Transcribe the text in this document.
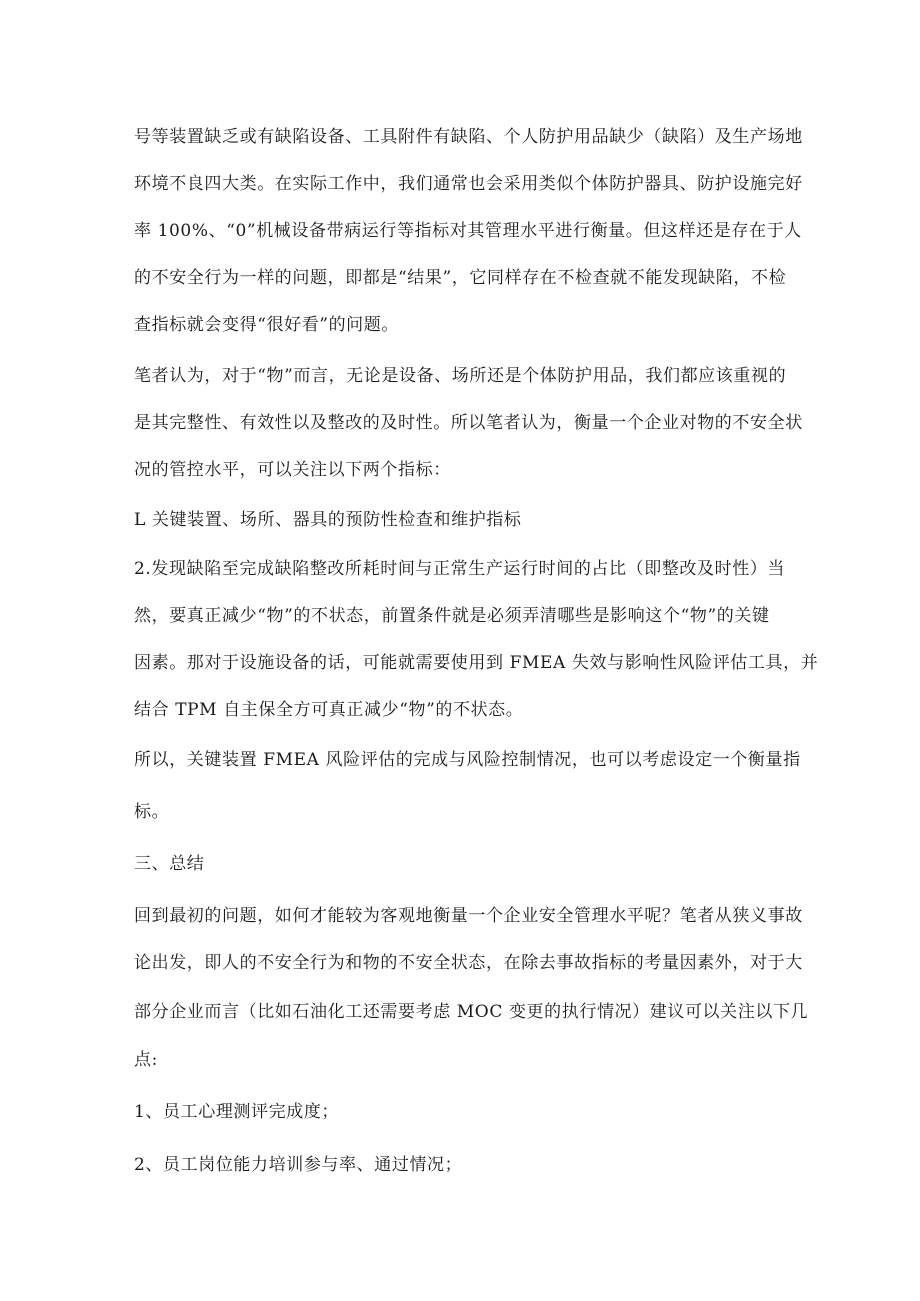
号等装置缺乏或有缺陷设备、工具附件有缺陷、个人防护用品缺少（缺陷）及生产场地

环境不良四大类。在实际工作中，我们通常也会采用类似个体防护器具、防护设施完好

率 100%、“0”机械设备带病运行等指标对其管理水平进行衡量。但这样还是存在于人

的不安全行为一样的问题，即都是“结果”，它同样存在不检查就不能发现缺陷，不检

查指标就会变得“很好看”的问题。

笔者认为，对于“物”而言，无论是设备、场所还是个体防护用品，我们都应该重视的

是其完整性、有效性以及整改的及时性。所以笔者认为，衡量一个企业对物的不安全状

况的管控水平，可以关注以下两个指标：

L 关键装置、场所、器具的预防性检查和维护指标

2.发现缺陷至完成缺陷整改所耗时间与正常生产运行时间的占比（即整改及时性）当

然，要真正减少“物”的不状态，前置条件就是必须弄清哪些是影响这个“物”的关键

因素。那对于设施设备的话，可能就需要使用到 FMEA 失效与影响性风险评估工具，并

结合 TPM 自主保全方可真正减少“物”的不状态。

所以，关键装置 FMEA 风险评估的完成与风险控制情况，也可以考虑设定一个衡量指

标。

三、总结

回到最初的问题，如何才能较为客观地衡量一个企业安全管理水平呢？笔者从狭义事故

论出发，即人的不安全行为和物的不安全状态，在除去事故指标的考量因素外，对于大

部分企业而言（比如石油化工还需要考虑 MOC 变更的执行情况）建议可以关注以下几

点:

1、员工心理测评完成度；

2、员工岗位能力培训参与率、通过情况；
